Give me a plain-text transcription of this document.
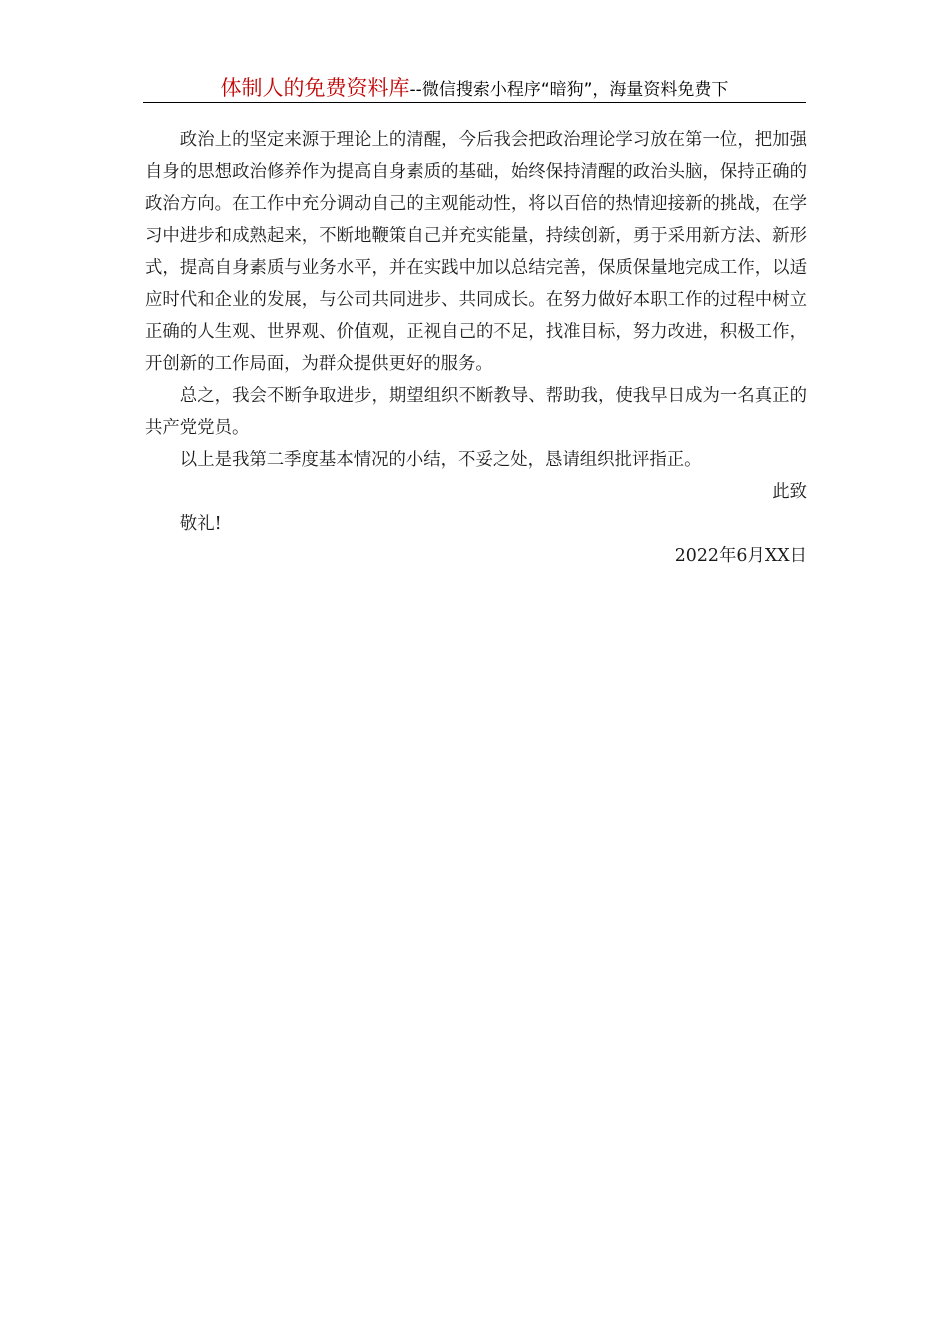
体制人的免费资料库--微信搜索小程序“暗狗”，海量资料免费下

政治上的坚定来源于理论上的清醒，今后我会把政治理论学习放在第一位，把加强自身的思想政治修养作为提高自身素质的基础，始终保持清醒的政治头脑，保持正确的政治方向。在工作中充分调动自己的主观能动性，将以百倍的热情迎接新的挑战，在学习中进步和成熟起来，不断地鞭策自己并充实能量，持续创新，勇于采用新方法、新形式，提高自身素质与业务水平，并在实践中加以总结完善，保质保量地完成工作，以适应时代和企业的发展，与公司共同进步、共同成长。在努力做好本职工作的过程中树立正确的人生观、世界观、价值观，正视自己的不足，找准目标，努力改进，积极工作，开创新的工作局面，为群众提供更好的服务。

总之，我会不断争取进步，期望组织不断教导、帮助我，使我早日成为一名真正的共产党党员。

以上是我第二季度基本情况的小结，不妥之处，恳请组织批评指正。

此致

敬礼!

2022年6月XX日
